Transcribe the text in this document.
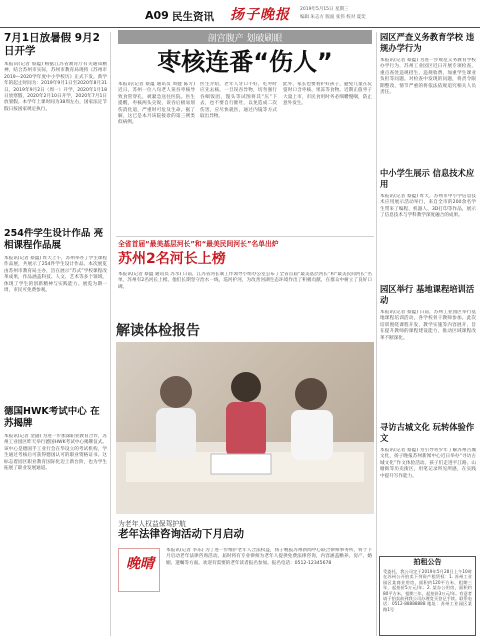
A09 民生资讯 扬子晚报 2019年5月15日 星期三
编辑 朱志方 版面 张伟 校对 夏奕
7月1日放暑假 9月2日开学
本报讯(记者 蔡蕴) 根据江苏省教育厅有关通知精神，结合苏州市实际，苏州市教育局现将《苏州市2019—2020学年度中小学校历》正式下发。新学年的起止时间为：2019年9月1日至2020年8月31日。2019年9月2日（周一）开学，2020年1月18日放寒假，2020年2月10日开学，2020年7月1日放暑假。本学年上课时间为38周左右，国家法定节假日按国家规定执行。
254件学生设计作品 亮相课程作品展
本报讯(记者 蔡蕴) 昨天上午，苏州举办了学生课程作品展，共展示了254件学生设计作品。本次展览由苏州市教育局主办，旨在展示“苏式”学校课程改革成果，作品涵盖科技、人文、艺术等多个领域，体现了学生的创新精神与实践能力。展览为期一周，市民可免费参观。
德国HWK考试中心 在苏揭牌
本报讯(记者 金副) 为进一步加深职业教育合作，苏州工业园区昨天举行德国HWK考试中心揭牌仪式。该中心是德国手工业行会在华设立的考试机构，学生通过考核后可获得德国认可的职业资格证书。这标志着园区职业教育国际化迈上新台阶，也为学生拓展了职业发展通道。
剖宫腹产 划破刷眼
枣核连番“伤人”
本报讯(记者 蔡蕴 通讯员 周健 陈芳) 近日，苏州一位八旬老人误吞枣核导致食管穿孔，被紧急送往医院。医生提醒，枣核两头尖锐，误吞后极易划伤消化道，严重时可危及生命。据了解，这已是本月该院接诊的第三例类似病例。
医生介绍，老年人牙口不好，吃枣时应先去核。一旦误吞异物，切勿强行吞咽饭团、馒头等试图将其“压”下去，也不要自行催吐，以免造成二次伤害，应尽快就医，通过内镜等方式取出异物。
此外，家长也要看护好孩子，避免儿童在玩耍时口含枣核、果冻等食物。近期正值枣子大量上市，市民食用时务必细嚼慢咽，防止意外发生。
全省首届“最美基层河长”和“最美民间河长”名单出炉
苏州2名河长上榜
本报讯(记者 蔡蕴 通讯员 苏水) 日前，江苏省河长制工作领导小组办公室公布了全省首届“最美基层河长”和“最美民间河长”名单，苏州有2名河长上榜。他们长期坚守治水一线，巡河护河，为改善河湖生态环境作出了积极贡献，在群众中树立了良好口碑。
解读体检报告
晚晴
为老年人权益保驾护航
老年法律咨询活动下月启动
本报讯(记者 李乐) 为了进一步维护老年人合法权益，扬子晚报苏州新闻中心联合律师事务所，将于下月启动老年法律咨询活动。届时将有专业律师为老年人提供免费法律咨询，内容涵盖赡养、房产、婚姻、遗嘱等方面。欢迎有需要的老年读者报名参加。报名电话：0512-12345678
园区严查义务教育学校 违规办学行为
本报讯(记者 蔡蕴) 为进一步规范义务教育学校办学行为，苏州工业园区近日开展专项检查，重点查处违规招生、违规收费、加重学生课业负担等问题。对检查中发现的问题，将责令限期整改，情节严重的将依法依规追究相关人员责任。
中小学生展示 信息技术应用
本报讯(记者 蔡蕴) 昨天，苏州市中小学信息技术应用展示活动举行，来自全市的200余名学生带来了编程、机器人、3D打印等作品，展示了信息技术与学科教学深度融合的成果。
园区举行 基地课程培训活动
本报讯(记者 蔡蕴) 日前，苏州工业园区举行基地课程培训活动，各学校骨干教师参加。此次培训围绕课程开发、教学实施等内容展开，旨在提升教师的课程建设能力，推动区域课程改革不断深化。
寻访古城文化 玩转体验作文
本报讯(记者 蔡蕴) 为引导青少年了解苏州古城文化，扬子晚报苏州新闻中心近日举办“寻访古城文化”作文体验活动。孩子们走进平江路、山塘街等历史街区，用笔记录所见所感，在实践中提升写作能力。
拍租公告
受委托，我公司定于2019年5月28日上午10时在苏州公开拍卖下列资产租赁权：1. 苏州工业园区某商业用房，面积约120平方米，租期三年，起拍价5万元/年；2. 某办公用房，面积约80平方米，租期三年，起拍价3万元/年。有意者请于拍卖前到我公司办理竞买登记手续。联系电话：0512-88888888 地址：苏州工业园区某路1号
